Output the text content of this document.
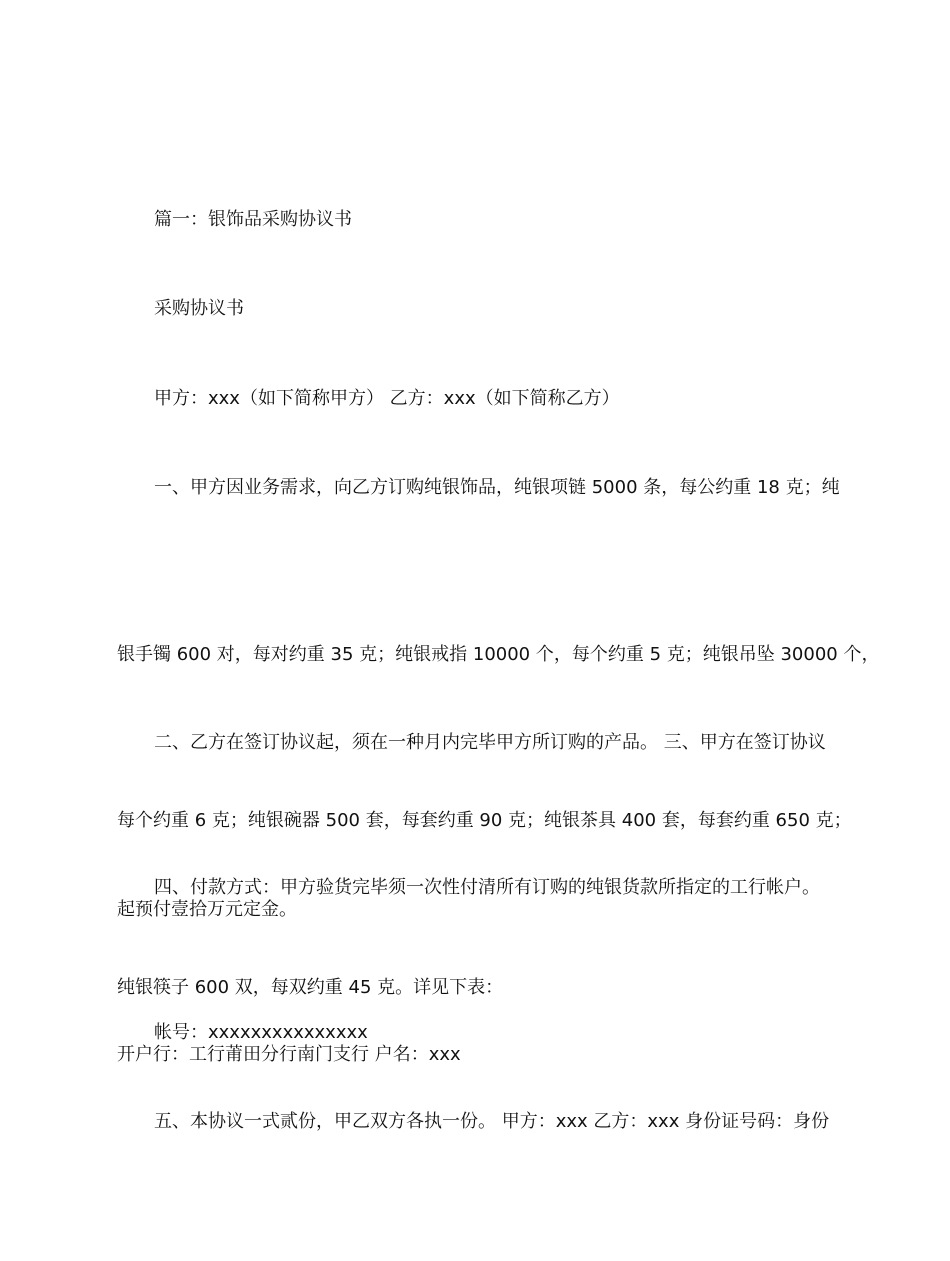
篇一：银饰品采购协议书

采购协议书

甲方：xxx（如下简称甲方） 乙方：xxx（如下简称乙方）

一、甲方因业务需求，向乙方订购纯银饰品，纯银项链 5000 条，每公约重 18 克；纯

银手镯 600 对，每对约重 35 克；纯银戒指 10000 个，每个约重 5 克；纯银吊坠 30000 个，

每个约重 6 克；纯银碗器 500 套，每套约重 90 克；纯银茶具 400 套，每套约重 650 克；

纯银筷子 600 双，每双约重 45 克。详见下表：

二、乙方在签订协议起，须在一种月内完毕甲方所订购的产品。 三、甲方在签订协议

起预付壹拾万元定金。

四、付款方式：甲方验货完毕须一次性付清所有订购的纯银货款所指定的工行帐户。

开户行：工行莆田分行南门支行 户名：xxx

帐号：xxxxxxxxxxxxxxx

五、本协议一式贰份，甲乙双方各执一份。 甲方：xxx 乙方：xxx 身份证号码：身份
